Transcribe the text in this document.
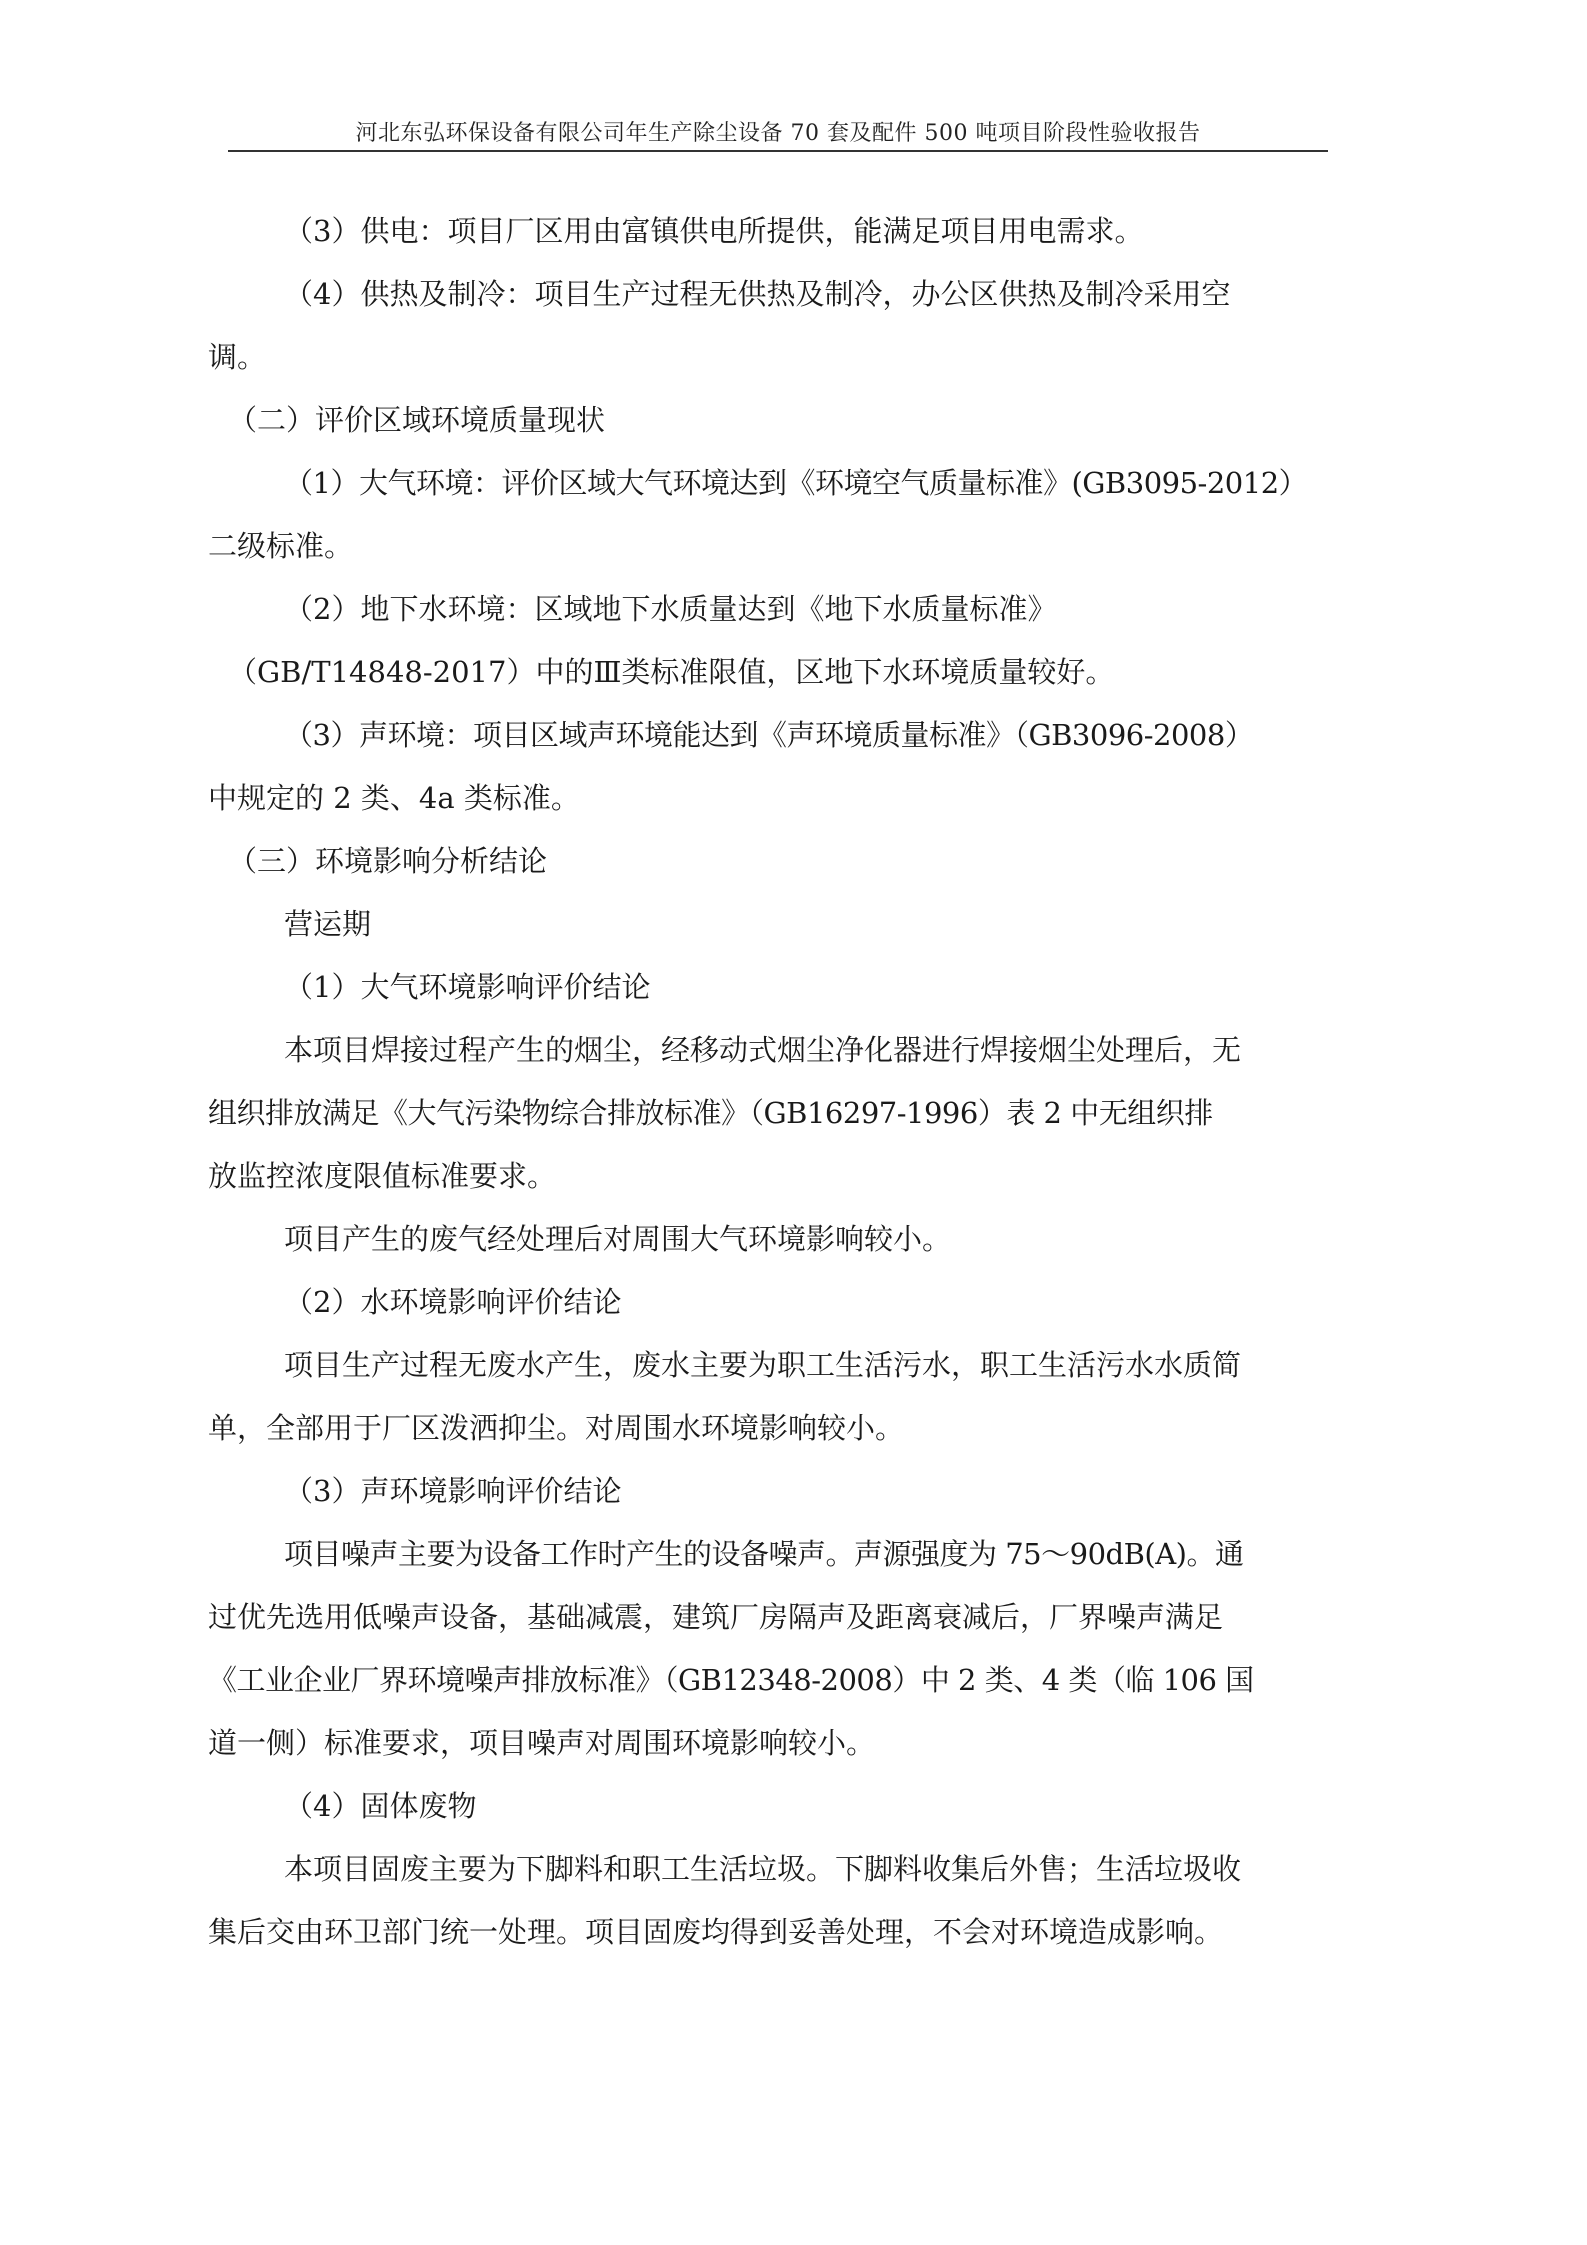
河北东弘环保设备有限公司年生产除尘设备 70 套及配件 500 吨项目阶段性验收报告
（3）供电：项目厂区用由富镇供电所提供，能满足项目用电需求。
（4）供热及制冷：项目生产过程无供热及制冷，办公区供热及制冷采用空
调。
（二）评价区域环境质量现状
（1）大气环境：评价区域大气环境达到《环境空气质量标准》(GB3095-2012）
二级标准。
（2）地下水环境：区域地下水质量达到《地下水质量标准》
（GB/T14848-2017）中的Ⅲ类标准限值，区地下水环境质量较好。
（3）声环境：项目区域声环境能达到《声环境质量标准》（GB3096-2008）
中规定的 2 类、4a 类标准。
（三）环境影响分析结论
营运期
（1）大气环境影响评价结论
本项目焊接过程产生的烟尘，经移动式烟尘净化器进行焊接烟尘处理后，无
组织排放满足《大气污染物综合排放标准》（GB16297-1996）表 2 中无组织排
放监控浓度限值标准要求。
项目产生的废气经处理后对周围大气环境影响较小。
（2）水环境影响评价结论
项目生产过程无废水产生，废水主要为职工生活污水，职工生活污水水质简
单，全部用于厂区泼洒抑尘。对周围水环境影响较小。
（3）声环境影响评价结论
项目噪声主要为设备工作时产生的设备噪声。声源强度为 75～90dB(A)。通
过优先选用低噪声设备，基础减震，建筑厂房隔声及距离衰减后，厂界噪声满足
《工业企业厂界环境噪声排放标准》（GB12348-2008）中 2 类、4 类（临 106 国
道一侧）标准要求，项目噪声对周围环境影响较小。
（4）固体废物
本项目固废主要为下脚料和职工生活垃圾。下脚料收集后外售；生活垃圾收
集后交由环卫部门统一处理。项目固废均得到妥善处理，不会对环境造成影响。
